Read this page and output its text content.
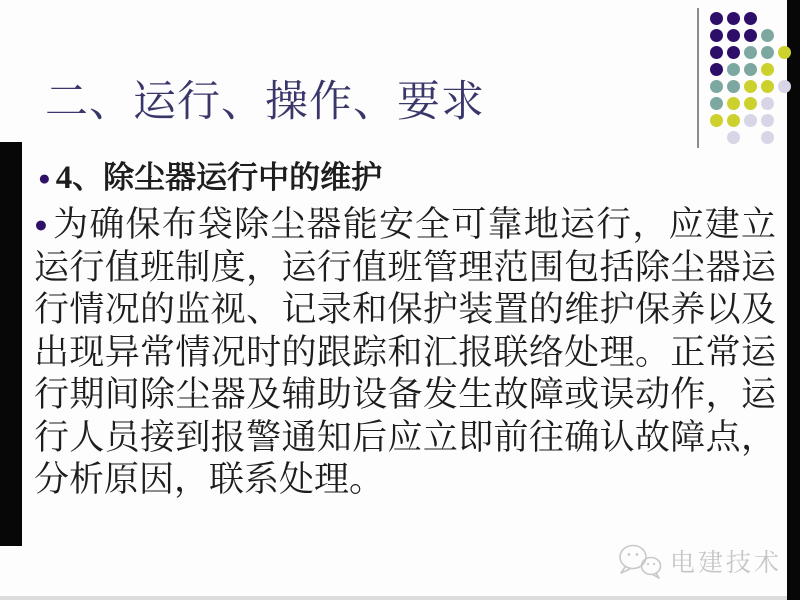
二、运行、操作、要求
● 4、除尘器运行中的维护

● 为确保布袋除尘器能安全可靠地运行，应建立运行值班制度，运行值班管理范围包括除尘器运行情况的监视、记录和保护装置的维护保养以及出现异常情况时的跟踪和汇报联络处理。正常运行期间除尘器及辅助设备发生故障或误动作，运行人员接到报警通知后应立即前往确认故障点，分析原因，联系处理。

电建技术
